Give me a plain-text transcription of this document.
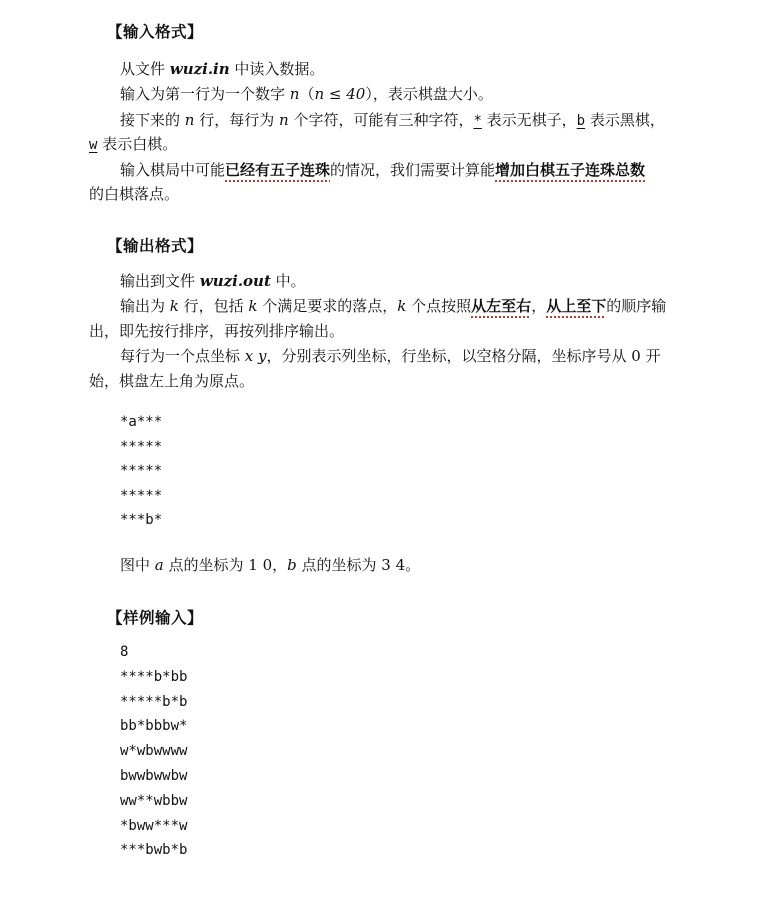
【输入格式】
从文件 wuzi.in 中读入数据。
输入为第一行为一个数字 n（n ≤ 40），表示棋盘大小。
接下来的 n 行，每行为 n 个字符，可能有三种字符，* 表示无棋子，b 表示黑棋，
w 表示白棋。
输入棋局中可能已经有五子连珠的情况，我们需要计算能增加白棋五子连珠总数
的白棋落点。
【输出格式】
输出到文件 wuzi.out 中。
输出为 k 行，包括 k 个满足要求的落点，k 个点按照从左至右，从上至下的顺序输
出，即先按行排序，再按列排序输出。
每行为一个点坐标 x y，分别表示列坐标，行坐标，以空格分隔，坐标序号从 0 开
始，棋盘左上角为原点。
*a***
*****
*****
*****
***b*
图中 a 点的坐标为 1 0，b 点的坐标为 3 4。
【样例输入】
8
****b*bb
*****b*b
bb*bbbw*
w*wbwwww
bwwbwwbw
ww**wbbw
*bww***w
***bwb*b
